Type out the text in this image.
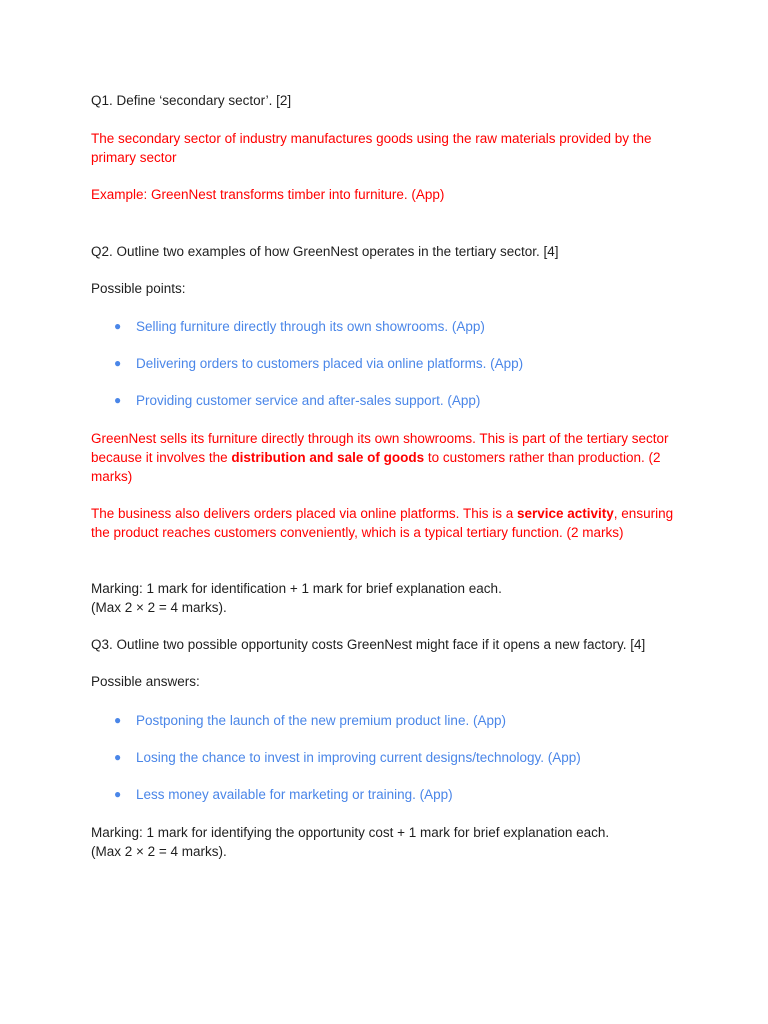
Q1. Define ‘secondary sector’. [2]

The secondary sector of industry manufactures goods using the raw materials provided by the primary sector

Example: GreenNest transforms timber into furniture. (App)

Q2. Outline two examples of how GreenNest operates in the tertiary sector. [4]

Possible points:

● Selling furniture directly through its own showrooms. (App)
● Delivering orders to customers placed via online platforms. (App)
● Providing customer service and after-sales support. (App)

GreenNest sells its furniture directly through its own showrooms. This is part of the tertiary sector because it involves the distribution and sale of goods to customers rather than production. (2 marks)

The business also delivers orders placed via online platforms. This is a service activity, ensuring the product reaches customers conveniently, which is a typical tertiary function. (2 marks)

Marking: 1 mark for identification + 1 mark for brief explanation each.

(Max 2 × 2 = 4 marks).

Q3. Outline two possible opportunity costs GreenNest might face if it opens a new factory. [4]

Possible answers:

● Postponing the launch of the new premium product line. (App)
● Losing the chance to invest in improving current designs/technology. (App)
● Less money available for marketing or training. (App)

Marking: 1 mark for identifying the opportunity cost + 1 mark for brief explanation each.

(Max 2 × 2 = 4 marks).
